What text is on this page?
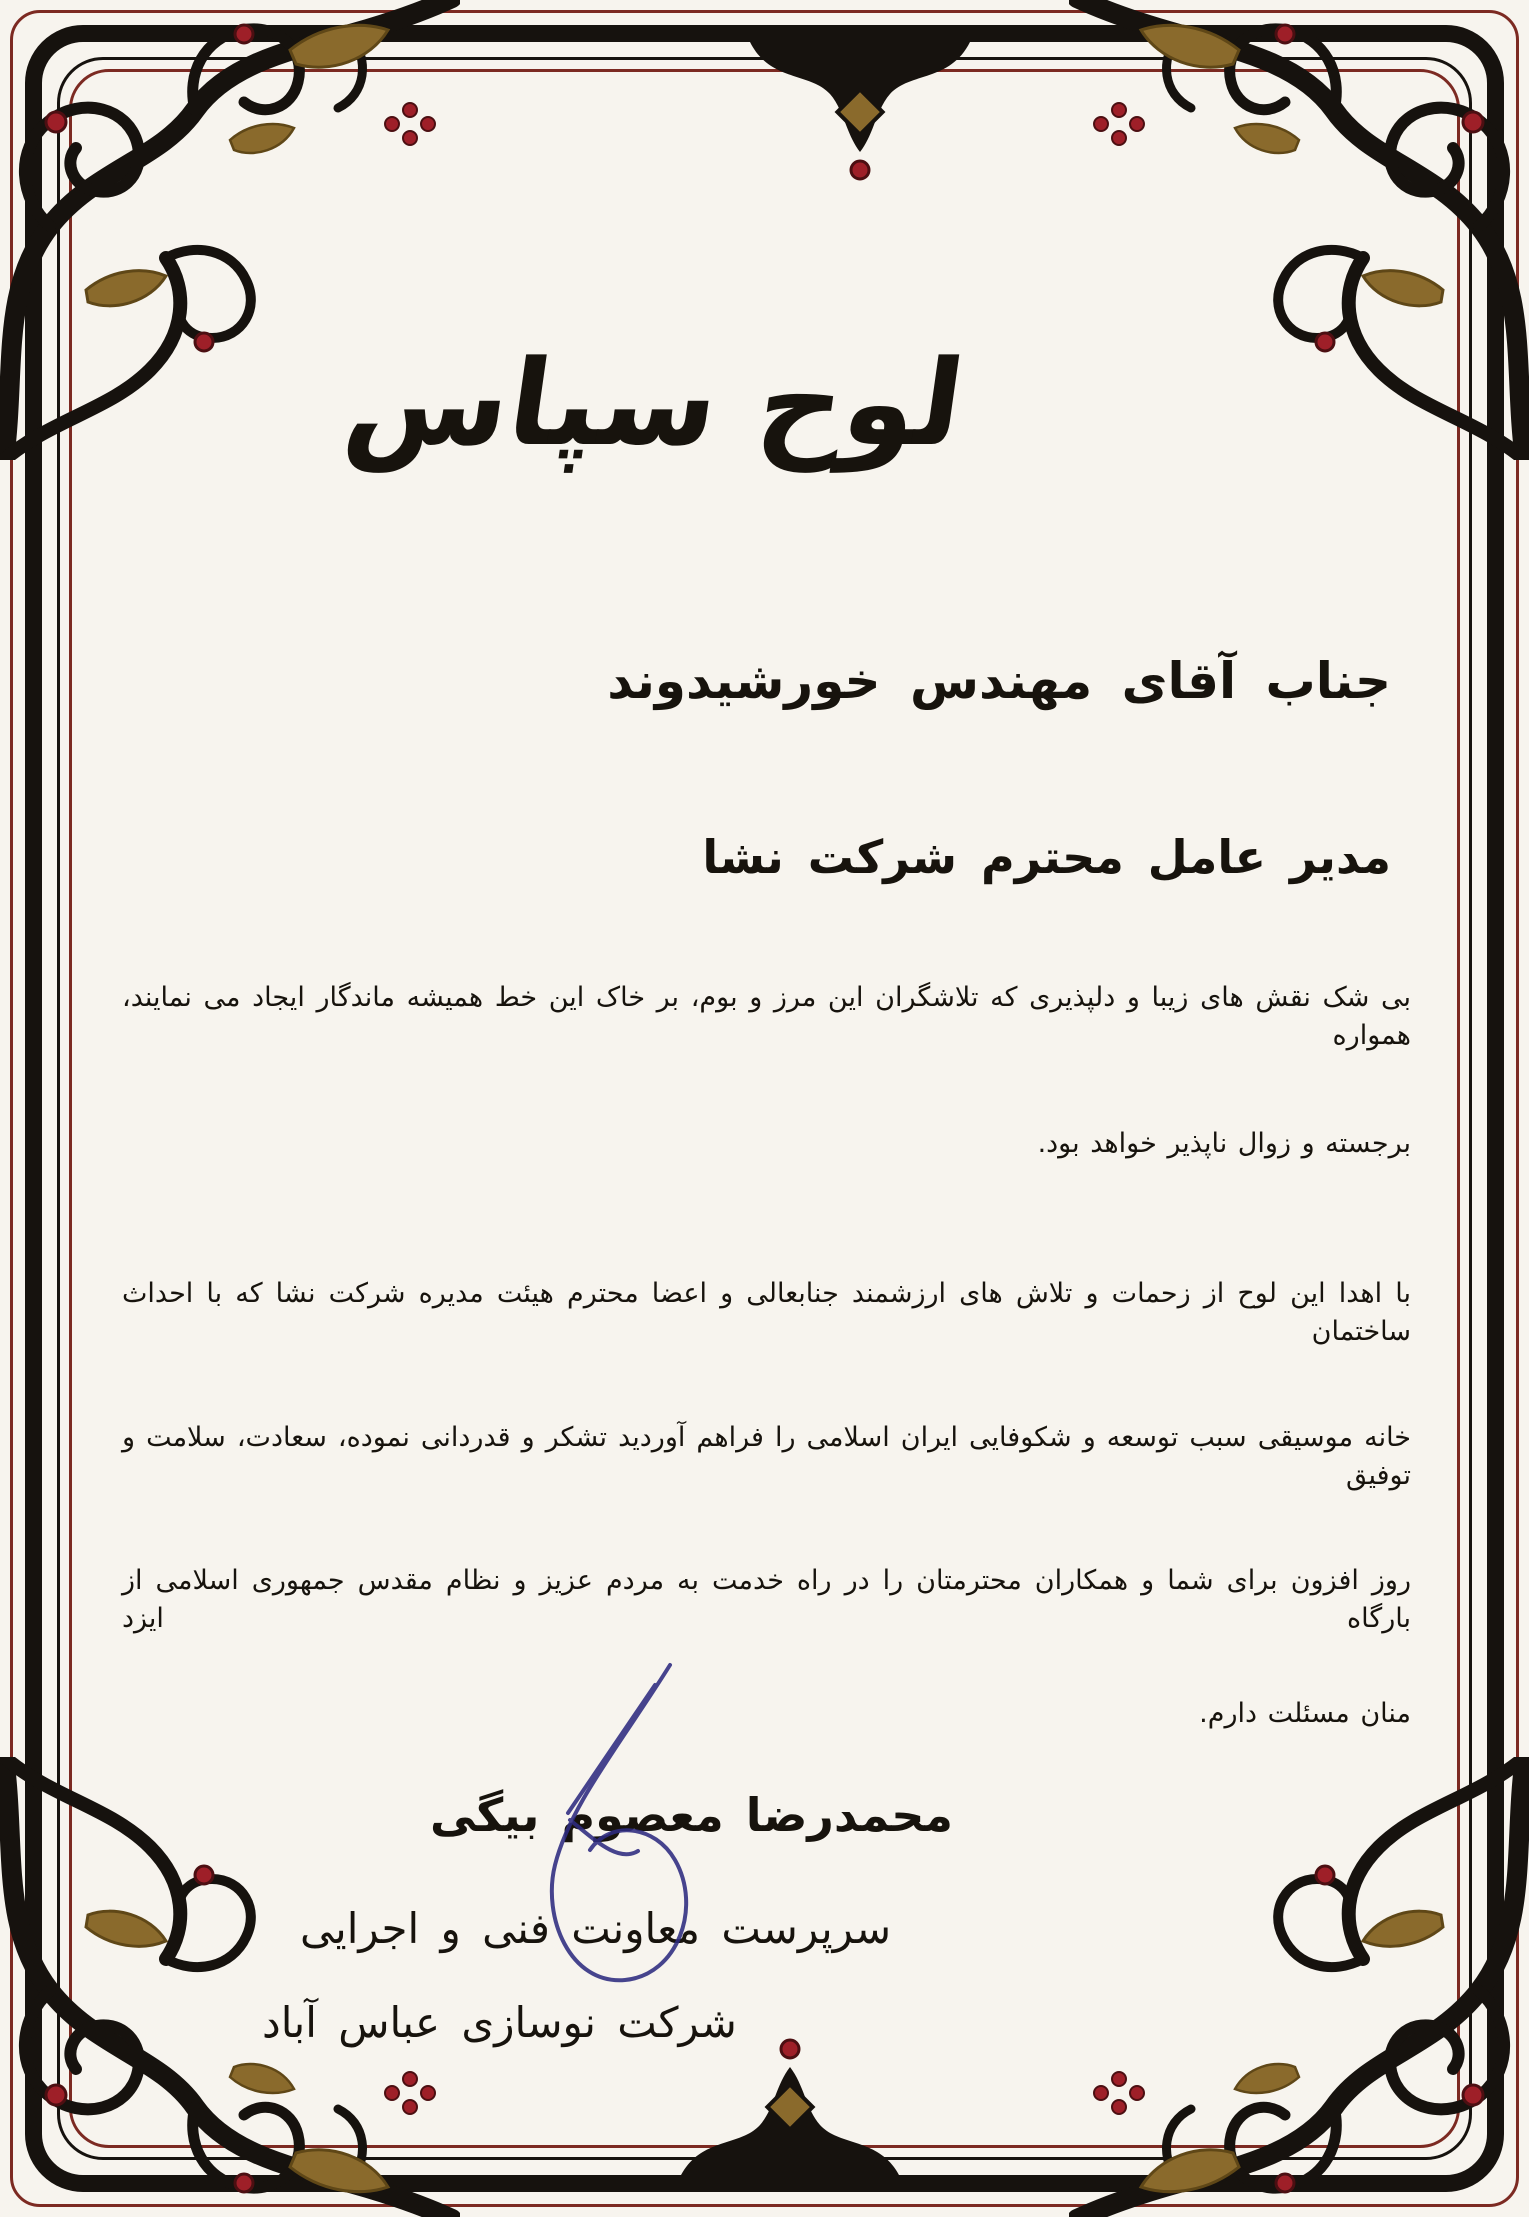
لوح سپاس

جناب آقای مهندس خورشیدوند

مدیر عامل محترم شرکت نشا

بی شک نقش های زیبا و دلپذیری که تلاشگران این مرز و بوم، بر خاک این خط همیشه ماندگار ایجاد می نمایند، همواره

برجسته و زوال ناپذیر خواهد بود.

با اهدا این لوح از زحمات و تلاش های ارزشمند جنابعالی و اعضا محترم هیئت مدیره شرکت نشا که با احداث ساختمان

خانه موسیقی سبب توسعه و شکوفایی ایران اسلامی را فراهم آوردید تشکر و قدردانی نموده، سعادت، سلامت و توفیق

روز افزون برای شما و همکاران محترمتان را در راه خدمت به مردم عزیز و نظام مقدس جمهوری اسلامی از بارگاه ایزد

منان مسئلت دارم.

محمدرضا معصوم بیگی

سرپرست معاونت فنی و اجرایی

شرکت نوسازی عباس آباد
